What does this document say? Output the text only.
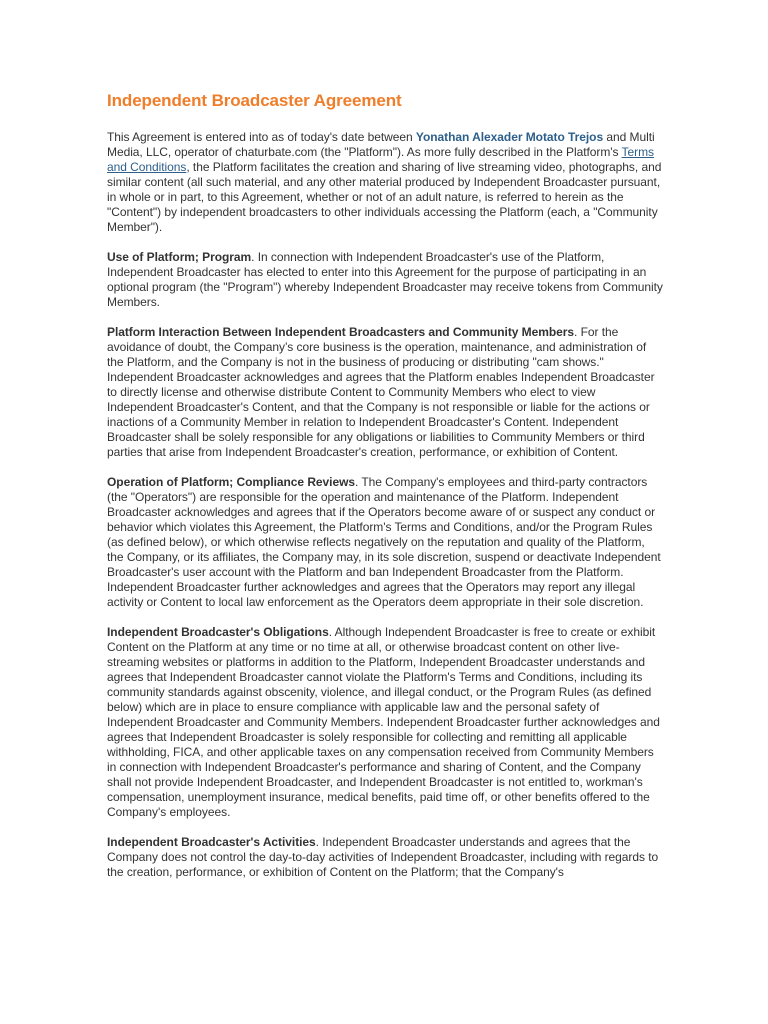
Independent Broadcaster Agreement

This Agreement is entered into as of today's date between Yonathan Alexader Motato Trejos and Multi Media, LLC, operator of chaturbate.com (the "Platform"). As more fully described in the Platform's Terms and Conditions, the Platform facilitates the creation and sharing of live streaming video, photographs, and similar content (all such material, and any other material produced by Independent Broadcaster pursuant, in whole or in part, to this Agreement, whether or not of an adult nature, is referred to herein as the "Content") by independent broadcasters to other individuals accessing the Platform (each, a "Community Member").

Use of Platform; Program. In connection with Independent Broadcaster's use of the Platform, Independent Broadcaster has elected to enter into this Agreement for the purpose of participating in an optional program (the "Program") whereby Independent Broadcaster may receive tokens from Community Members.

Platform Interaction Between Independent Broadcasters and Community Members. For the avoidance of doubt, the Company’s core business is the operation, maintenance, and administration of the Platform, and the Company is not in the business of producing or distributing "cam shows." Independent Broadcaster acknowledges and agrees that the Platform enables Independent Broadcaster to directly license and otherwise distribute Content to Community Members who elect to view Independent Broadcaster's Content, and that the Company is not responsible or liable for the actions or inactions of a Community Member in relation to Independent Broadcaster's Content. Independent Broadcaster shall be solely responsible for any obligations or liabilities to Community Members or third parties that arise from Independent Broadcaster's creation, performance, or exhibition of Content.

Operation of Platform; Compliance Reviews. The Company's employees and third-party contractors (the "Operators") are responsible for the operation and maintenance of the Platform. Independent Broadcaster acknowledges and agrees that if the Operators become aware of or suspect any conduct or behavior which violates this Agreement, the Platform's Terms and Conditions, and/or the Program Rules (as defined below), or which otherwise reflects negatively on the reputation and quality of the Platform, the Company, or its affiliates, the Company may, in its sole discretion, suspend or deactivate Independent Broadcaster's user account with the Platform and ban Independent Broadcaster from the Platform. Independent Broadcaster further acknowledges and agrees that the Operators may report any illegal activity or Content to local law enforcement as the Operators deem appropriate in their sole discretion.

Independent Broadcaster's Obligations. Although Independent Broadcaster is free to create or exhibit Content on the Platform at any time or no time at all, or otherwise broadcast content on other live-streaming websites or platforms in addition to the Platform, Independent Broadcaster understands and agrees that Independent Broadcaster cannot violate the Platform's Terms and Conditions, including its community standards against obscenity, violence, and illegal conduct, or the Program Rules (as defined below) which are in place to ensure compliance with applicable law and the personal safety of Independent Broadcaster and Community Members. Independent Broadcaster further acknowledges and agrees that Independent Broadcaster is solely responsible for collecting and remitting all applicable withholding, FICA, and other applicable taxes on any compensation received from Community Members in connection with Independent Broadcaster's performance and sharing of Content, and the Company shall not provide Independent Broadcaster, and Independent Broadcaster is not entitled to, workman's compensation, unemployment insurance, medical benefits, paid time off, or other benefits offered to the Company's employees.

Independent Broadcaster's Activities. Independent Broadcaster understands and agrees that the Company does not control the day-to-day activities of Independent Broadcaster, including with regards to the creation, performance, or exhibition of Content on the Platform; that the Company's
